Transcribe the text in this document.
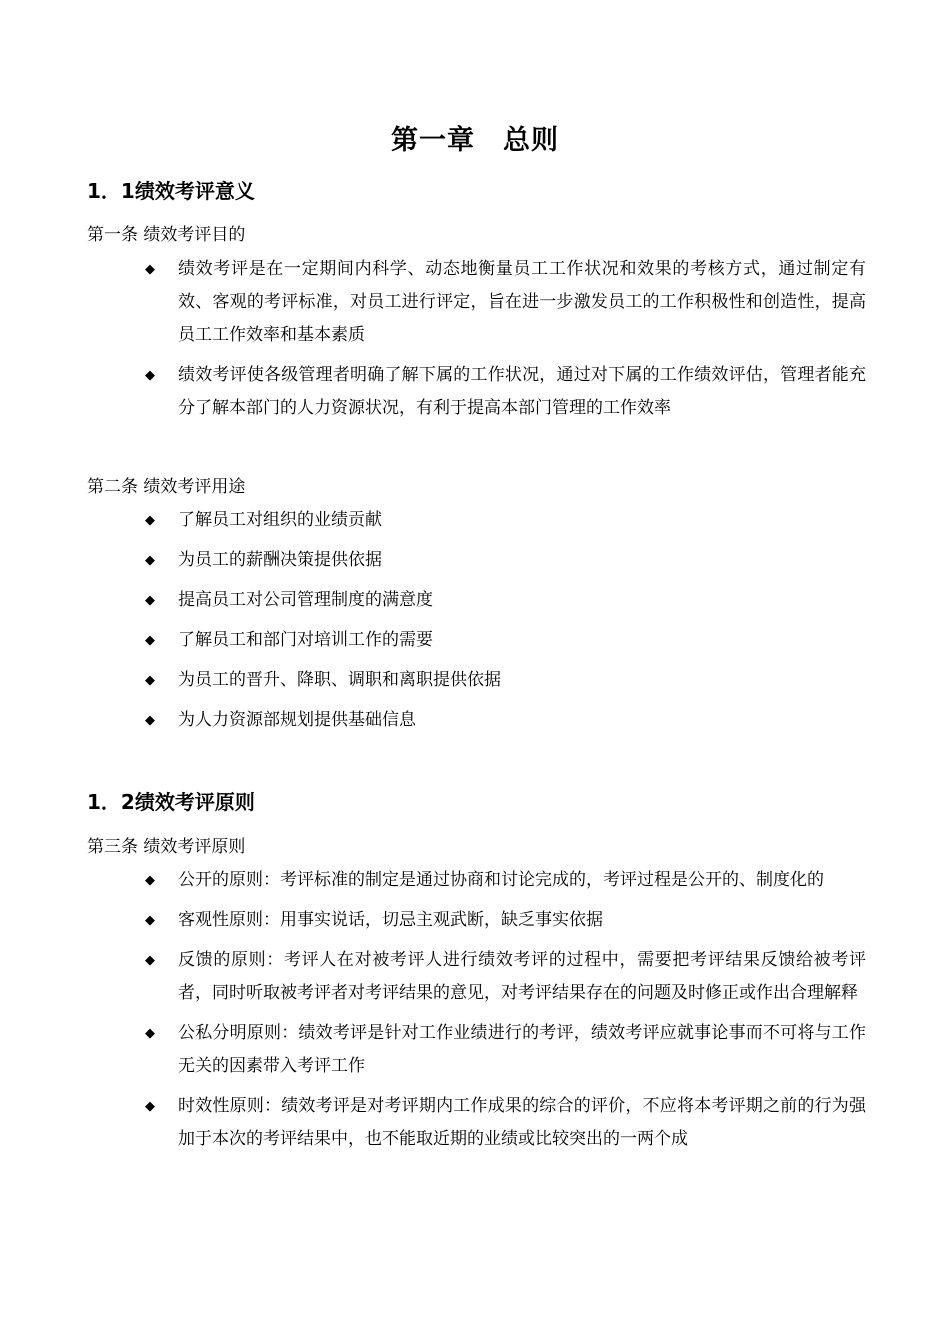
第一章　总则
1．1绩效考评意义
第一条 绩效考评目的
◆ 绩效考评是在一定期间内科学、动态地衡量员工工作状况和效果的考核方式，通过制定有效、客观的考评标准，对员工进行评定，旨在进一步激发员工的工作积极性和创造性，提高员工工作效率和基本素质
◆ 绩效考评使各级管理者明确了解下属的工作状况，通过对下属的工作绩效评估，管理者能充分了解本部门的人力资源状况，有利于提高本部门管理的工作效率
第二条 绩效考评用途
◆ 了解员工对组织的业绩贡献
◆ 为员工的薪酬决策提供依据
◆ 提高员工对公司管理制度的满意度
◆ 了解员工和部门对培训工作的需要
◆ 为员工的晋升、降职、调职和离职提供依据
◆ 为人力资源部规划提供基础信息
1．2绩效考评原则
第三条 绩效考评原则
◆ 公开的原则：考评标准的制定是通过协商和讨论完成的，考评过程是公开的、制度化的
◆ 客观性原则：用事实说话，切忌主观武断，缺乏事实依据
◆ 反馈的原则：考评人在对被考评人进行绩效考评的过程中，需要把考评结果反馈给被考评者，同时听取被考评者对考评结果的意见，对考评结果存在的问题及时修正或作出合理解释
◆ 公私分明原则：绩效考评是针对工作业绩进行的考评，绩效考评应就事论事而不可将与工作无关的因素带入考评工作
◆ 时效性原则：绩效考评是对考评期内工作成果的综合的评价，不应将本考评期之前的行为强加于本次的考评结果中，也不能取近期的业绩或比较突出的一两个成
